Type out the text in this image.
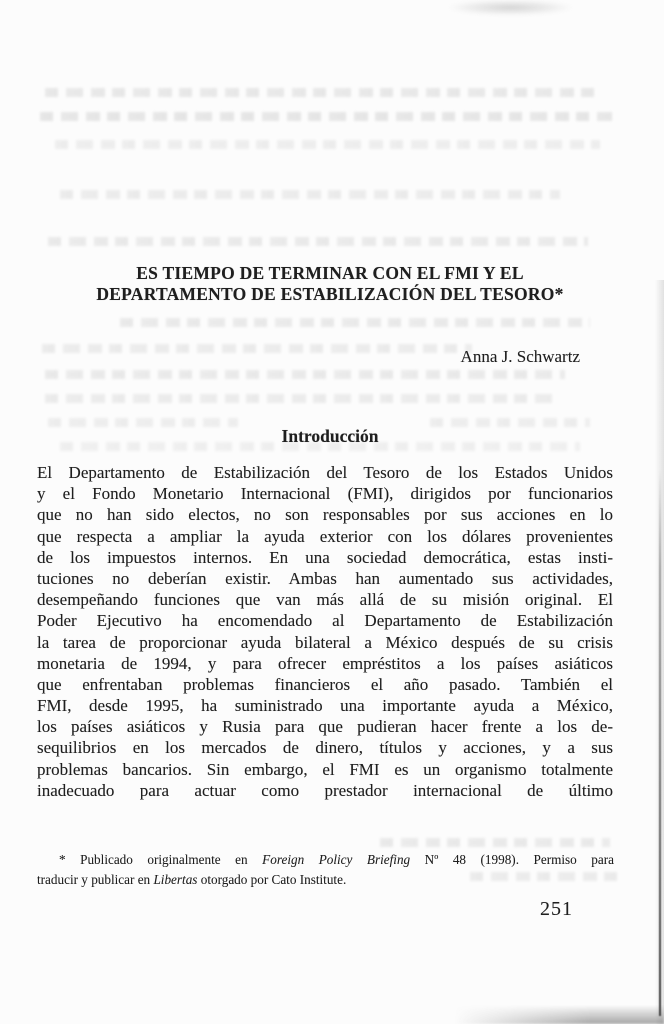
ES TIEMPO DE TERMINAR CON EL FMI Y EL
DEPARTAMENTO DE ESTABILIZACIÓN DEL TESORO*
Anna J. Schwartz
Introducción
El Departamento de Estabilización del Tesoro de los Estados Unidos
y el Fondo Monetario Internacional (FMI), dirigidos por funcionarios
que no han sido electos, no son responsables por sus acciones en lo
que respecta a ampliar la ayuda exterior con los dólares provenientes
de los impuestos internos. En una sociedad democrática, estas insti-
tuciones no deberían existir. Ambas han aumentado sus actividades,
desempeñando funciones que van más allá de su misión original. El
Poder Ejecutivo ha encomendado al Departamento de Estabilización
la tarea de proporcionar ayuda bilateral a México después de su crisis
monetaria de 1994, y para ofrecer empréstitos a los países asiáticos
que enfrentaban problemas financieros el año pasado. También el
FMI, desde 1995, ha suministrado una importante ayuda a México,
los países asiáticos y Rusia para que pudieran hacer frente a los de-
sequilibrios en los mercados de dinero, títulos y acciones, y a sus
problemas bancarios. Sin embargo, el FMI es un organismo totalmente
inadecuado para actuar como prestador internacional de último
* Publicado originalmente en Foreign Policy Briefing Nº 48 (1998). Permiso para
traducir y publicar en Libertas otorgado por Cato Institute.
251
